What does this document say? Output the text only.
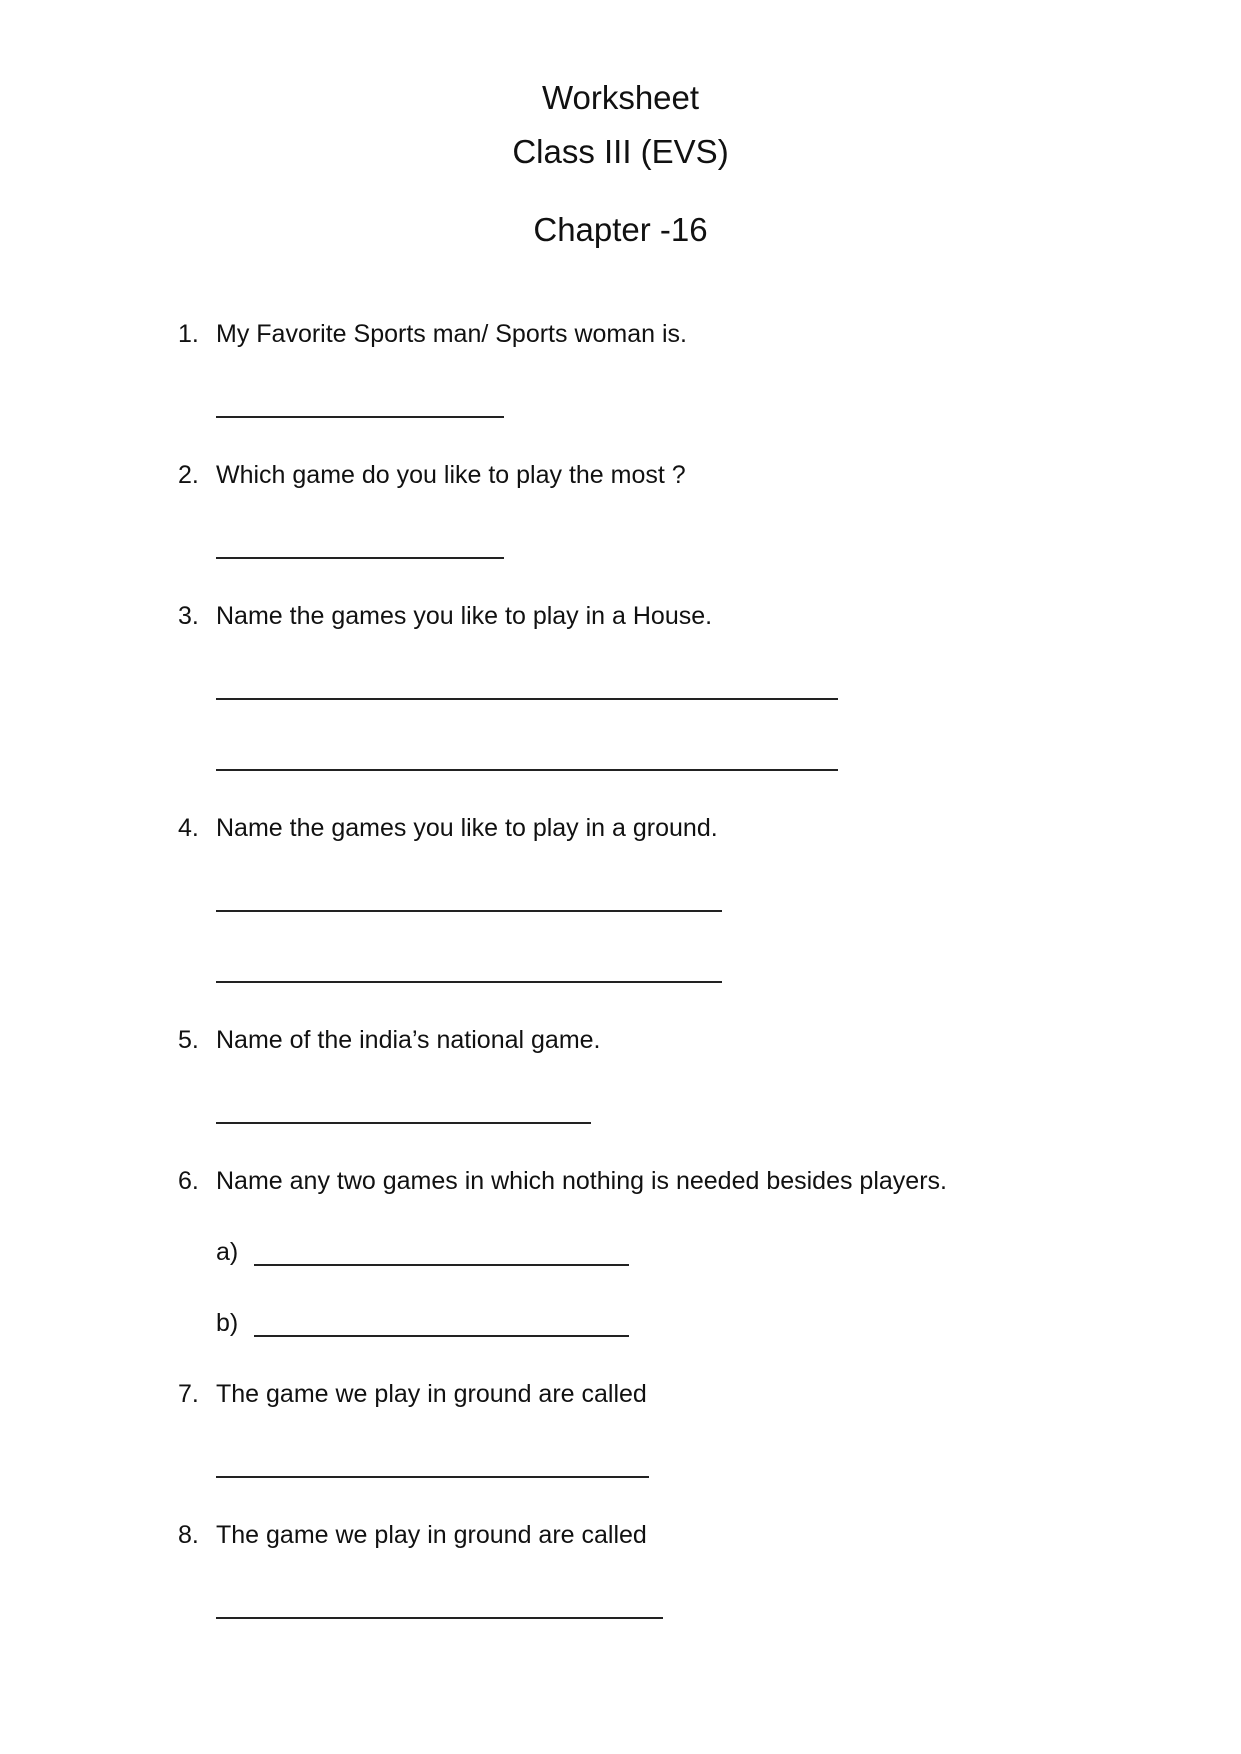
Worksheet
Class III (EVS)
Chapter -16
1. My Favorite Sports man/ Sports woman is.
2. Which game do you like to play the most ?
3. Name the games you like to play in a House.
4. Name the games you like to play in a ground.
5. Name of the india’s national game.
6. Name any two games in which nothing is needed besides players.
a)
b)
7. The game we play in ground are called
8. The game we play in ground are called
